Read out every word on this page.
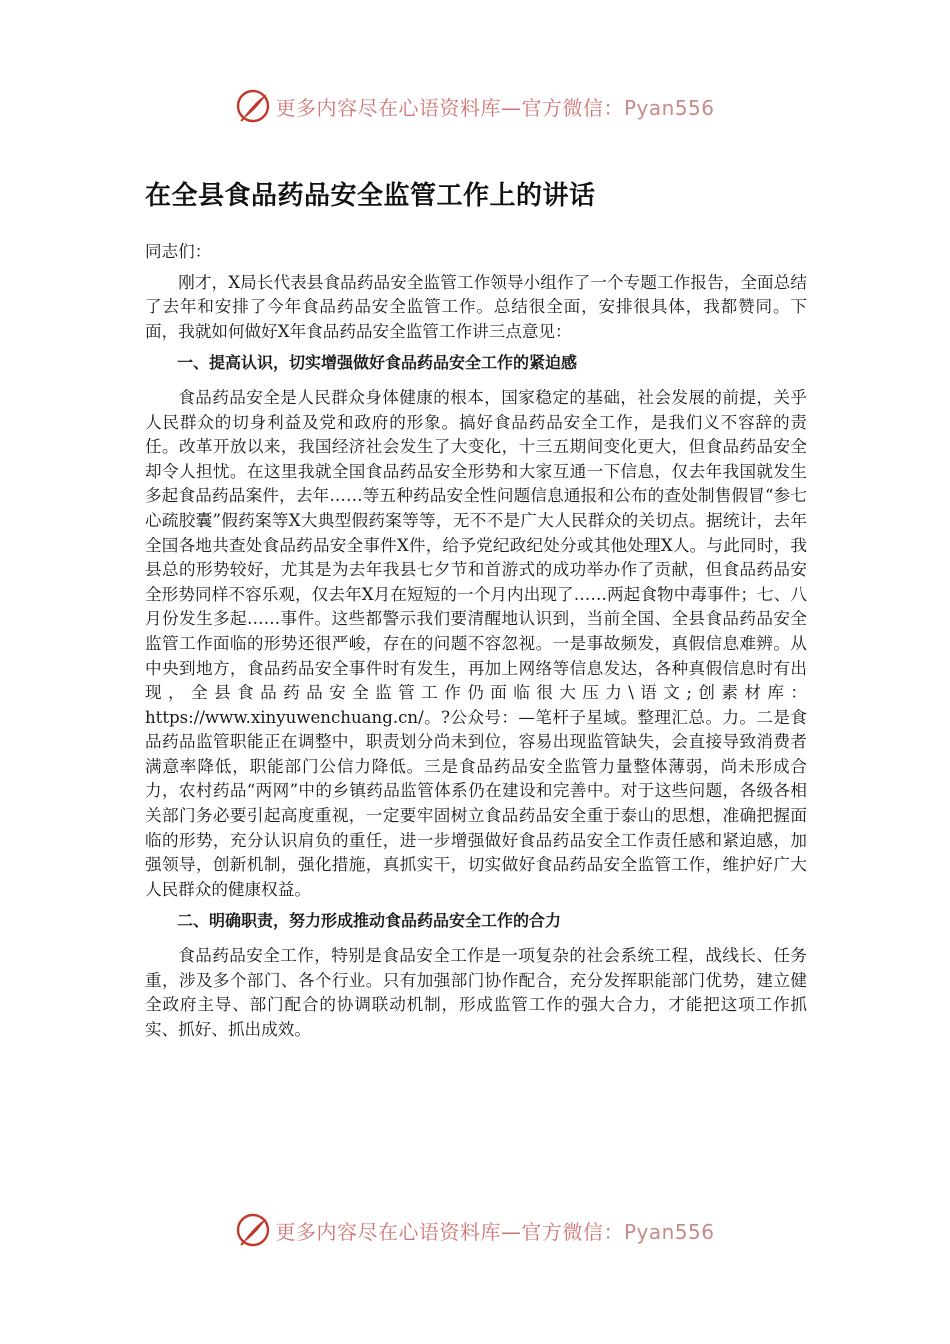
更多内容尽在心语资料库—官方微信：Pyan556
在全县食品药品安全监管工作上的讲话

同志们：

刚才，X局长代表县食品药品安全监管工作领导小组作了一个专题工作报告，全面总结了去年和安排了今年食品药品安全监管工作。总结很全面，安排很具体，我都赞同。下面，我就如何做好X年食品药品安全监管工作讲三点意见：

一、提高认识，切实增强做好食品药品安全工作的紧迫感

食品药品安全是人民群众身体健康的根本，国家稳定的基础，社会发展的前提，关乎人民群众的切身利益及党和政府的形象。搞好食品药品安全工作，是我们义不容辞的责任。改革开放以来，我国经济社会发生了大变化，十三五期间变化更大，但食品药品安全却令人担忧。在这里我就全国食品药品安全形势和大家互通一下信息，仅去年我国就发生多起食品药品案件，去年……等五种药品安全性问题信息通报和公布的查处制售假冒“参七心疏胶囊”假药案等X大典型假药案等等，无不不是广大人民群众的关切点。据统计，去年全国各地共查处食品药品安全事件X件，给予党纪政纪处分或其他处理X人。与此同时，我县总的形势较好，尤其是为去年我县七夕节和首游式的成功举办作了贡献，但食品药品安全形势同样不容乐观，仅去年X月在短短的一个月内出现了……两起食物中毒事件；七、八月份发生多起……事件。这些都警示我们要清醒地认识到，当前全国、全县食品药品安全监管工作面临的形势还很严峻，存在的问题不容忽视。一是事故频发，真假信息难辨。从中央到地方，食品药品安全事件时有发生，再加上网络等信息发达，各种真假信息时有出现，全县食品药品安全监管工作仍面临很大压力\语文;创素材库：https://www.xinyuwenchuang.cn/。?公众号：—笔杆子星域。整理汇总。力。二是食品药品监管职能正在调整中，职责划分尚未到位，容易出现监管缺失，会直接导致消费者满意率降低，职能部门公信力降低。三是食品药品安全监管力量整体薄弱，尚未形成合力，农村药品“两网”中的乡镇药品监管体系仍在建设和完善中。对于这些问题，各级各相关部门务必要引起高度重视，一定要牢固树立食品药品安全重于泰山的思想，准确把握面临的形势，充分认识肩负的重任，进一步增强做好食品药品安全工作责任感和紧迫感，加强领导，创新机制，强化措施，真抓实干，切实做好食品药品安全监管工作，维护好广大人民群众的健康权益。

二、明确职责，努力形成推动食品药品安全工作的合力

食品药品安全工作，特别是食品安全工作是一项复杂的社会系统工程，战线长、任务重，涉及多个部门、各个行业。只有加强部门协作配合，充分发挥职能部门优势，建立健全政府主导、部门配合的协调联动机制，形成监管工作的强大合力，才能把这项工作抓实、抓好、抓出成效。

更多内容尽在心语资料库—官方微信：Pyan556
